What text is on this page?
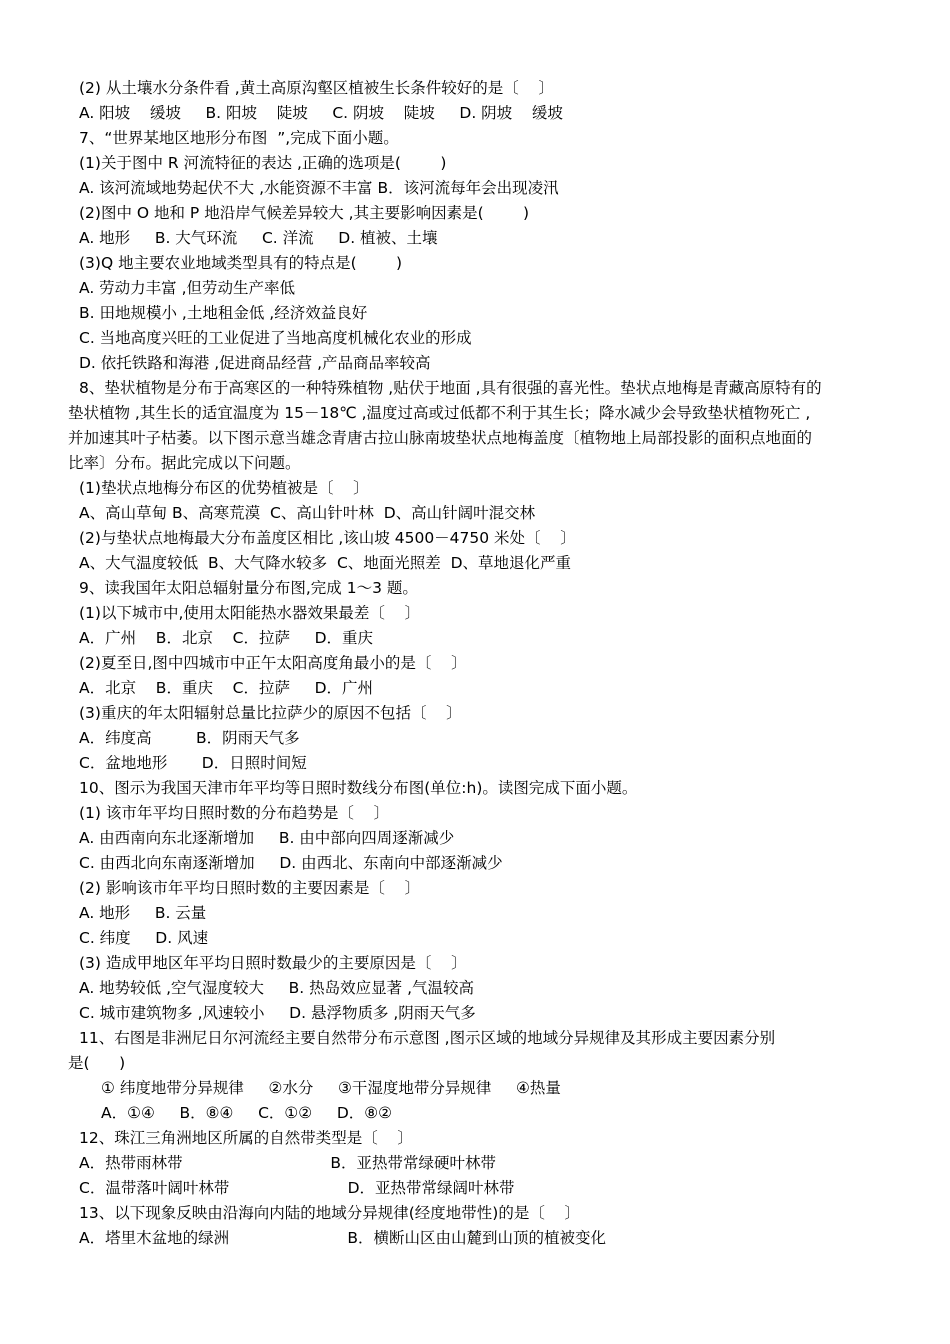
(2) 从土壤水分条件看 ,黄土高原沟壑区植被生长条件较好的是〔    〕
A. 阳坡    缓坡     B. 阳坡    陡坡     C. 阴坡    陡坡     D. 阴坡    缓坡
7、“世界某地区地形分布图  ”,完成下面小题。
(1)关于图中 R 河流特征的表达 ,正确的选项是(        )
A. 该河流域地势起伏不大 ,水能资源不丰富 B．该河流每年会出现凌汛
(2)图中 O 地和 P 地沿岸气候差异较大 ,其主要影响因素是(        )
A. 地形     B. 大气环流     C. 洋流     D. 植被、土壤
(3)Q 地主要农业地域类型具有的特点是(        )
A. 劳动力丰富 ,但劳动生产率低
B. 田地规模小 ,土地租金低 ,经济效益良好
C. 当地高度兴旺的工业促进了当地高度机械化农业的形成
D. 依托铁路和海港 ,促进商品经营 ,产品商品率较高
8、垫状植物是分布于高寒区的一种特殊植物 ,贴伏于地面 ,具有很强的喜光性。垫状点地梅是青藏高原特有的
垫状植物 ,其生长的适宜温度为 15－18℃ ,温度过高或过低都不利于其生长；降水减少会导致垫状植物死亡 ,
并加速其叶子枯萎。以下图示意当雄念青唐古拉山脉南坡垫状点地梅盖度〔植物地上局部投影的面积点地面的
比率〕分布。据此完成以下问题。
(1)垫状点地梅分布区的优势植被是〔    〕
A、高山草甸 B、高寒荒漠  C、高山针叶林  D、高山针阔叶混交林
(2)与垫状点地梅最大分布盖度区相比 ,该山坡 4500－4750 米处〔    〕
A、大气温度较低  B、大气降水较多  C、地面光照差  D、草地退化严重
9、读我国年太阳总辐射量分布图,完成 1～3 题。
(1)以下城市中,使用太阳能热水器效果最差〔    〕
A．广州    B．北京    C．拉萨     D．重庆
(2)夏至日,图中四城市中正午太阳高度角最小的是〔    〕
A．北京    B．重庆    C．拉萨     D．广州
(3)重庆的年太阳辐射总量比拉萨少的原因不包括〔    〕
A．纬度高         B．阴雨天气多
C．盆地地形       D．日照时间短
10、图示为我国天津市年平均等日照时数线分布图(单位:h)。读图完成下面小题。
(1) 该市年平均日照时数的分布趋势是〔    〕
A. 由西南向东北逐渐增加     B. 由中部向四周逐渐减少
C. 由西北向东南逐渐增加     D. 由西北、东南向中部逐渐减少
(2) 影响该市年平均日照时数的主要因素是〔    〕
A. 地形     B. 云量
C. 纬度     D. 风速
(3) 造成甲地区年平均日照时数最少的主要原因是〔    〕
A. 地势较低 ,空气湿度较大     B. 热岛效应显著 ,气温较高
C. 城市建筑物多 ,风速较小     D. 悬浮物质多 ,阴雨天气多
11、右图是非洲尼日尔河流经主要自然带分布示意图 ,图示区域的地域分异规律及其形成主要因素分别
是(      )
① 纬度地带分异规律     ②水分     ③干湿度地带分异规律     ④热量
A．①④     B．⑧④     C．①②     D．⑧②
12、珠江三角洲地区所属的自然带类型是〔    〕
A．热带雨林带                              B．亚热带常绿硬叶林带
C．温带落叶阔叶林带                        D．亚热带常绿阔叶林带
13、以下现象反映由沿海向内陆的地域分异规律(经度地带性)的是〔    〕
A．塔里木盆地的绿洲                        B．横断山区由山麓到山顶的植被变化
